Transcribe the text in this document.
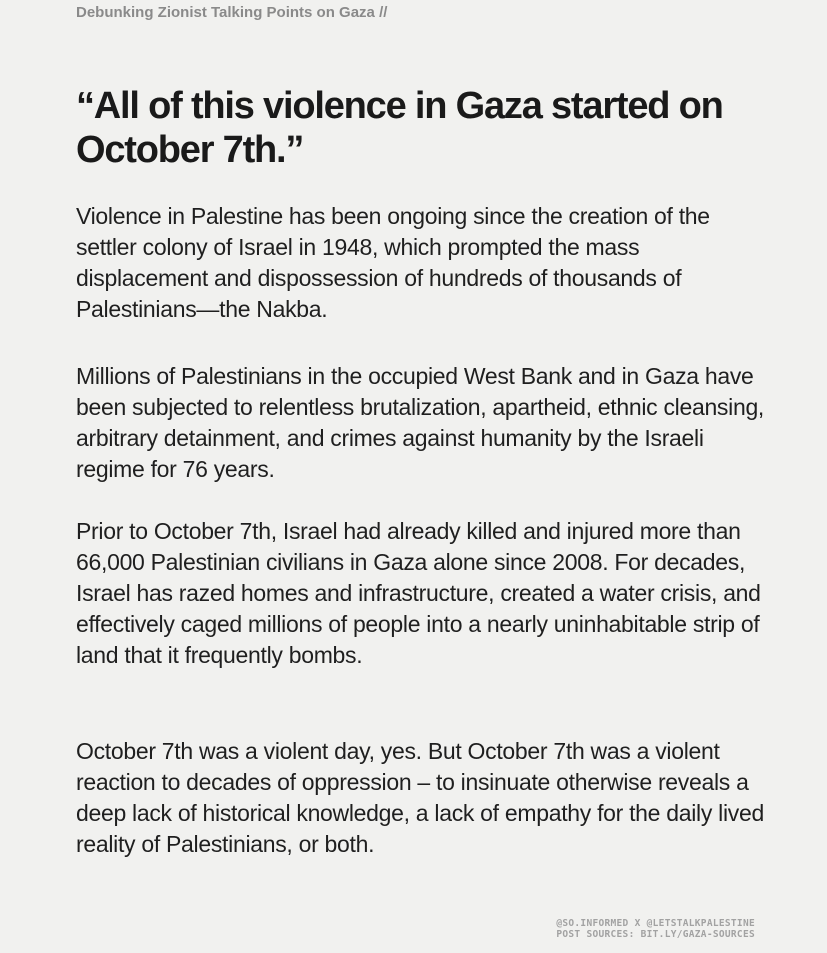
Debunking Zionist Talking Points on Gaza //
“All of this violence in Gaza started on October 7th.”

Violence in Palestine has been ongoing since the creation of the settler colony of Israel in 1948, which prompted the mass displacement and dispossession of hundreds of thousands of Palestinians—the Nakba.

Millions of Palestinians in the occupied West Bank and in Gaza have been subjected to relentless brutalization, apartheid, ethnic cleansing, arbitrary detainment, and crimes against humanity by the Israeli regime for 76 years.

Prior to October 7th, Israel had already killed and injured more than 66,000 Palestinian civilians in Gaza alone since 2008. For decades, Israel has razed homes and infrastructure, created a water crisis, and effectively caged millions of people into a nearly uninhabitable strip of land that it frequently bombs.

October 7th was a violent day, yes. But October 7th was a violent reaction to decades of oppression – to insinuate otherwise reveals a deep lack of historical knowledge, a lack of empathy for the daily lived reality of Palestinians, or both.

@SO.INFORMED X @LETSTALKPALESTINE
POST SOURCES: BIT.LY/GAZA-SOURCES
